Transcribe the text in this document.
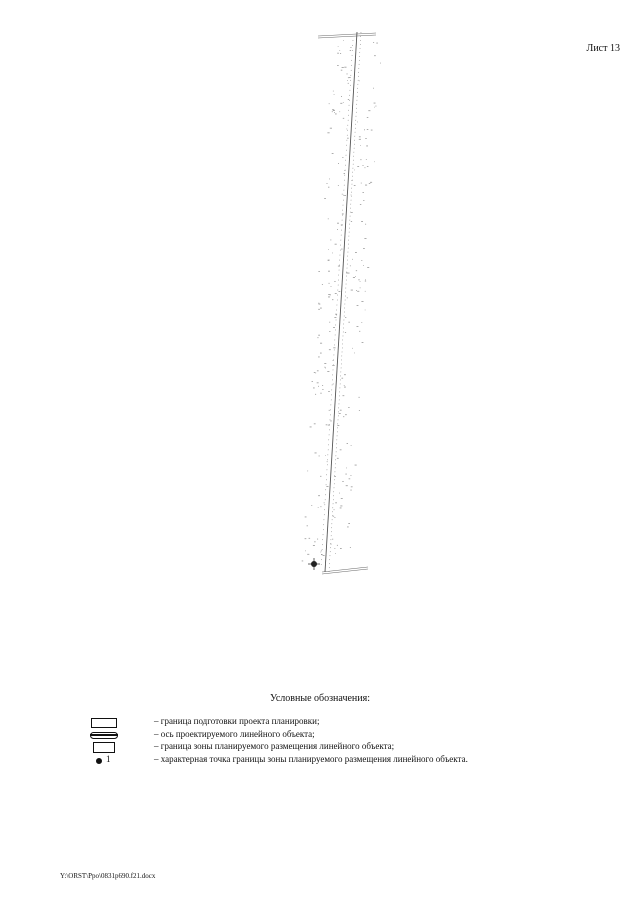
Лист 13
Условные обозначения:
– граница подготовки проекта планировки;
– ось проектируемого линейного объекта;
– граница зоны планируемого размещения линейного объекта;
1	– характерная точка границы зоны планируемого размещения линейного объекта.
Y:\ORST\Ppo\0831p690.f21.docx
